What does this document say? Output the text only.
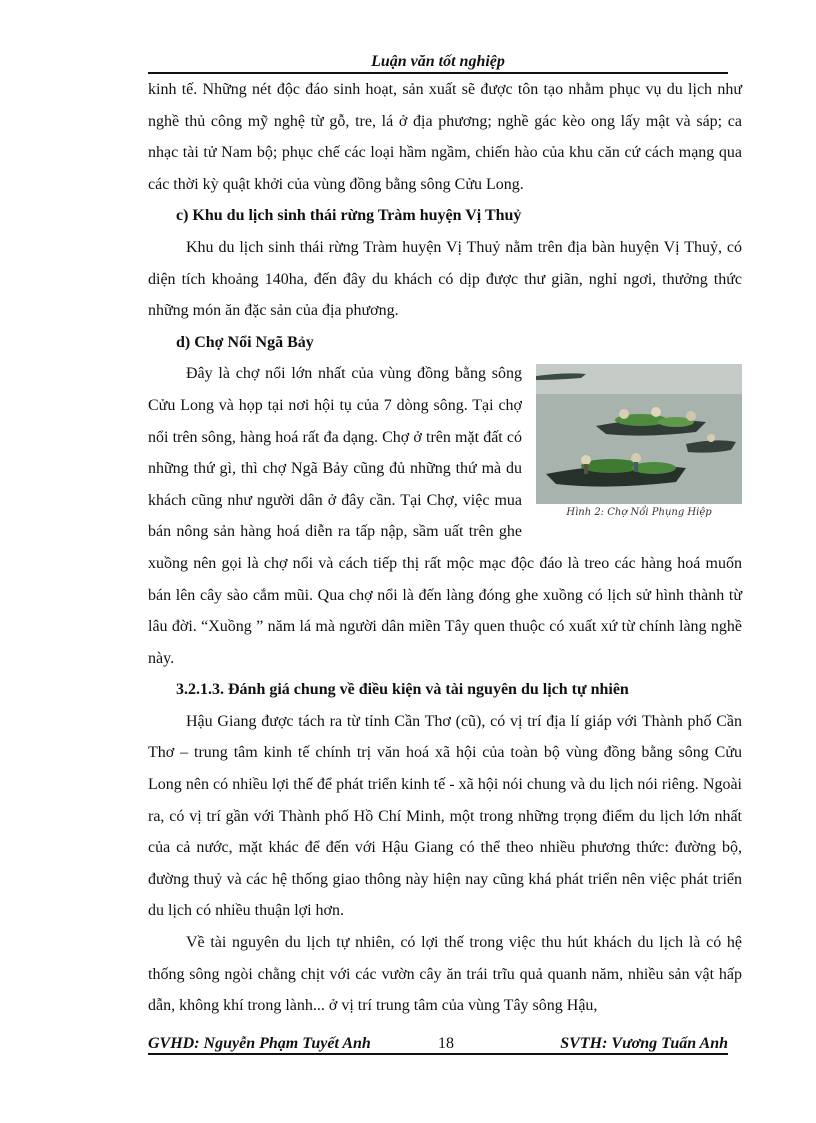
Luận văn tốt nghiệp

kinh tế. Những nét độc đáo sinh hoạt, sản xuất sẽ được tôn tạo nhằm phục vụ du lịch như nghề thủ công mỹ nghệ từ gỗ, tre, lá ở địa phương; nghề gác kèo ong lấy mật và sáp; ca nhạc tài tử Nam bộ; phục chế các loại hầm ngầm, chiến hào của khu căn cứ cách mạng qua các thời kỳ quật khởi của vùng đồng bằng sông Cửu Long.

c) Khu du lịch sinh thái rừng Tràm huyện Vị Thuỷ

Khu du lịch sinh thái rừng Tràm huyện Vị Thuỷ nằm trên địa bàn huyện Vị Thuỷ, có diện tích khoảng 140ha, đến đây du khách có dịp được thư giãn, nghỉ ngơi, thưởng thức những món ăn đặc sản của địa phương.

d) Chợ Nổi Ngã Bảy

Hình 2: Chợ Nổi Phụng Hiệp

Đây là chợ nổi lớn nhất của vùng đồng bằng sông Cửu Long và họp tại nơi hội tụ của 7 dòng sông. Tại chợ nổi trên sông, hàng hoá rất đa dạng. Chợ ở trên mặt đất có những thứ gì, thì chợ Ngã Bảy cũng đủ những thứ mà du khách cũng như người dân ở đây cần. Tại Chợ, việc mua bán nông sản hàng hoá diễn ra tấp nập, sầm uất trên ghe xuồng nên gọi là chợ nổi và cách tiếp thị rất mộc mạc độc đáo là treo các hàng hoá muốn bán lên cây sào cắm mũi. Qua chợ nổi là đến làng đóng ghe xuồng có lịch sử hình thành từ lâu đời. “Xuồng ” năm lá mà người dân miền Tây quen thuộc có xuất xứ từ chính làng nghề này.

3.2.1.3. Đánh giá chung về điều kiện và tài nguyên du lịch tự nhiên

Hậu Giang được tách ra từ tỉnh Cần Thơ (cũ), có vị trí địa lí giáp với Thành phố Cần Thơ – trung tâm kinh tế chính trị văn hoá xã hội của toàn bộ vùng đồng bằng sông Cửu Long nên có nhiều lợi thế để phát triển kinh tế - xã hội nói chung và du lịch nói riêng. Ngoài ra, có vị trí gần với Thành phố Hồ Chí Minh, một trong những trọng điểm du lịch lớn nhất của cả nước, mặt khác để đến với Hậu Giang có thể theo nhiều phương thức: đường bộ, đường thuỷ và các hệ thống giao thông này hiện nay cũng khá phát triển nên việc phát triển du lịch có nhiều thuận lợi hơn.

Về tài nguyên du lịch tự nhiên, có lợi thế trong việc thu hút khách du lịch là có hệ thống sông ngòi chằng chịt với các vườn cây ăn trái trĩu quả quanh năm, nhiều sản vật hấp dẫn, không khí trong lành... ở vị trí trung tâm của vùng Tây sông Hậu,

GVHD: Nguyễn Phạm Tuyết Anh	18	SVTH: Vương Tuấn Anh
